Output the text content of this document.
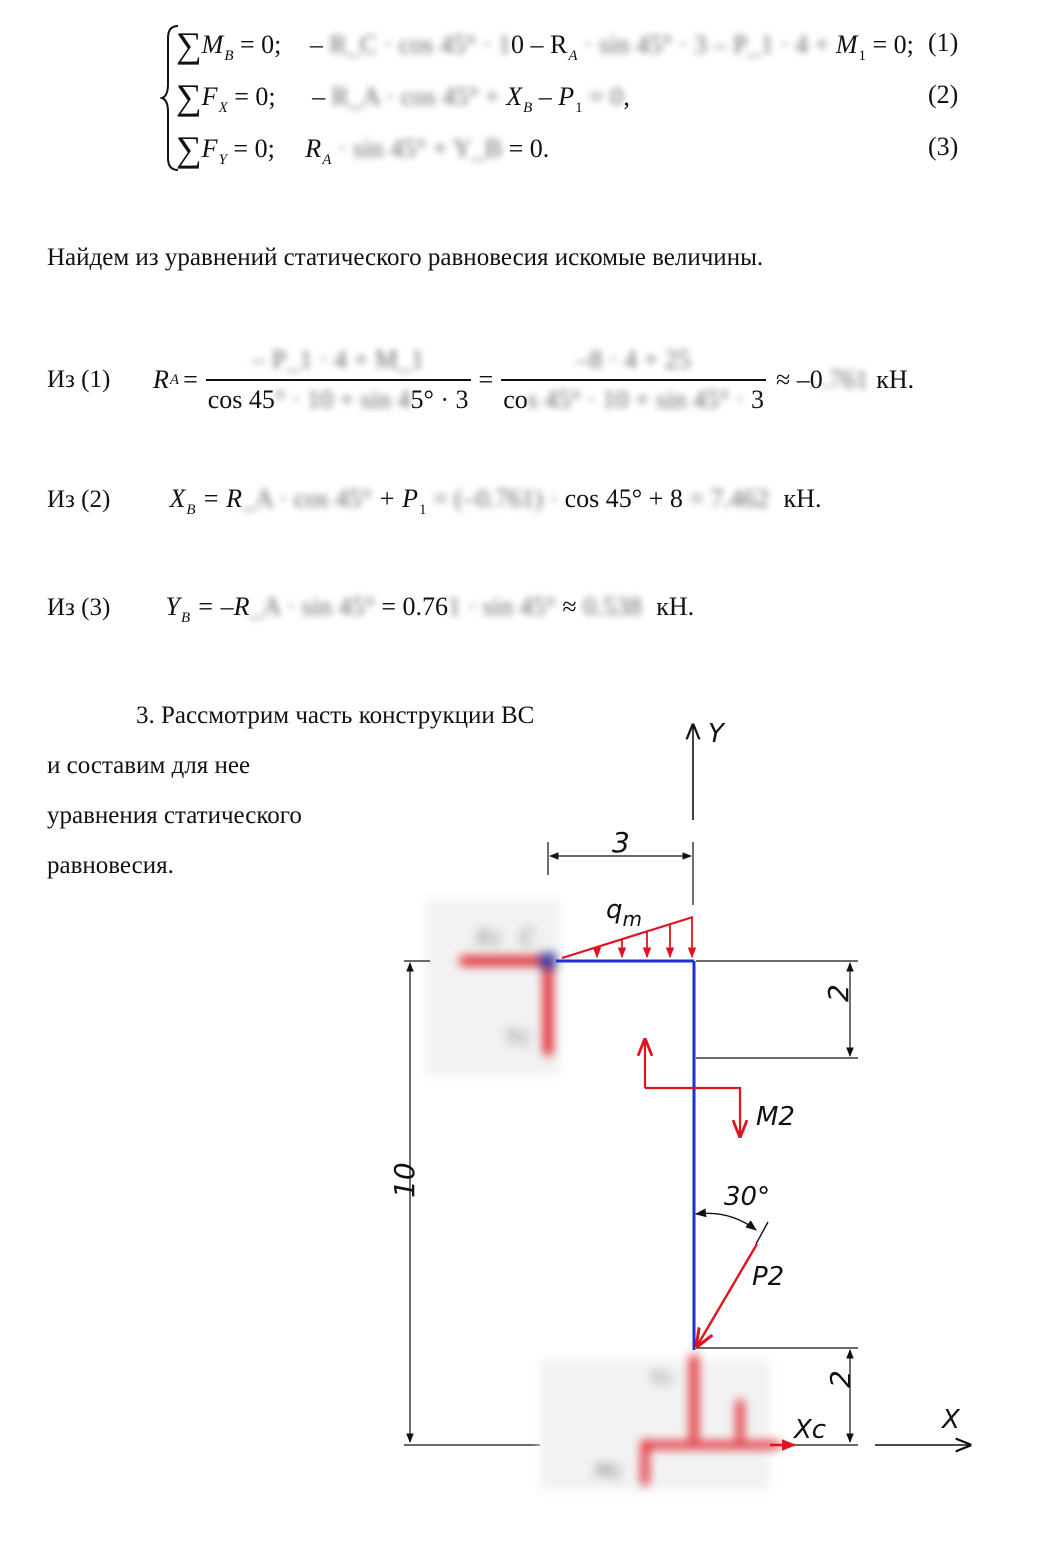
$\sum M_B = 0$; – R_C · $\cos 45^\circ \cdot 10 - R_A \cdot \sin 45^\circ \cdot 3$ – P_1 · $4 + M_1 = 0$; (1)
$\sum F_X = 0$; – R_A · $\cos 45^\circ + X_B - P_1 = 0$,	(2)
$\sum F_Y = 0$; $R_A \cdot \sin 45^\circ$ + Y_B = 0.	(3)
Найдем из уравнений статического равновесия искомые величины.
Из (1)	R $A = \frac{- P\_1 \cdot 4 + M\_1}{\cos 45^\circ \cdot 10 + \sin 45^\circ \cdot 3} = \frac{-8 \cdot 4 + 25}{\cos 45^\circ \cdot 10 + \sin 45^\circ \cdot 3} \approx -0$ .761 кН.
Из (2) $X_B$ = R_A · $\cos 45^\circ + P_1 = (-0.761) \cdot \cos 45^\circ + 8 = 7.462$ кН.
Из (3) $Y_B$ = –R_A · sin 45° = 0.761 · sin 45° ≈ 0.538 кН.
3. Рассмотрим часть конструкции ВС
и составим для нее
уравнения статического
равновесия.
Y
3
Xc C
Yc
$q_m$
2
2
M2
10	30°
P2
Yc
Mc
Xc	X
